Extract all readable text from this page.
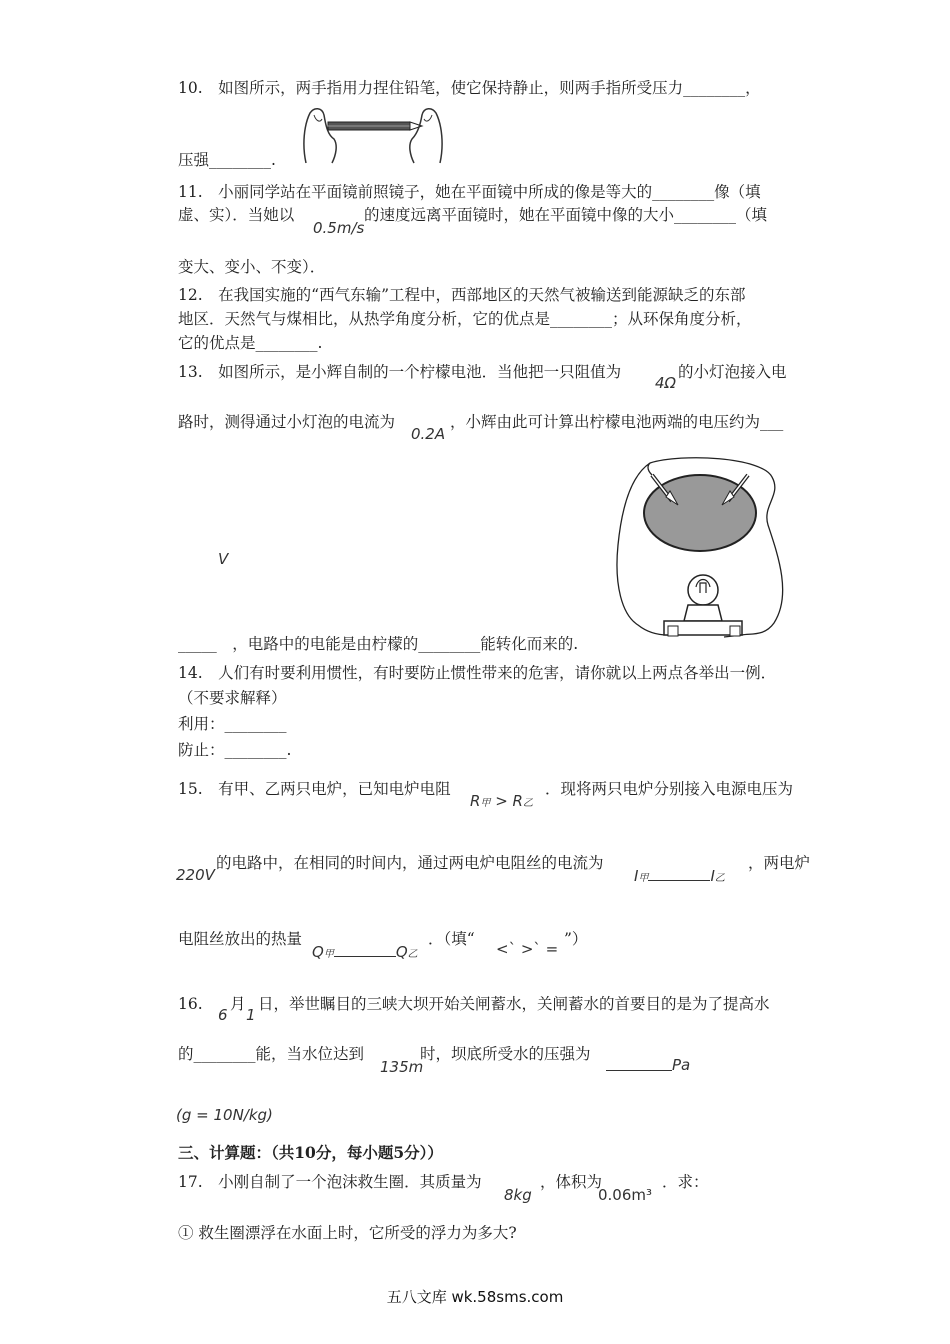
10.　如图所示，两手指用力捏住铅笔，使它保持静止，则两手指所受压力________，
压强________.
11.　小丽同学站在平面镜前照镜子，她在平面镜中所成的像是等大的________像（填
虚、实）．当她以
0.5m/s
的速度远离平面镜时，她在平面镜中像的大小________（填
变大、变小、不变）．
12.　在我国实施的“西气东输”工程中，西部地区的天然气被输送到能源缺乏的东部
地区．天然气与煤相比，从热学角度分析，它的优点是________；从环保角度分析，
它的优点是________.
13.　如图所示，是小辉自制的一个柠檬电池．当他把一只阻值为
4Ω
的小灯泡接入电
路时，测得通过小灯泡的电流为
0.2A
，小辉由此可计算出柠檬电池两端的电压约为___
V
_____　，电路中的电能是由柠檬的________能转化而来的.
14.　人们有时要利用惯性，有时要防止惯性带来的危害，请你就以上两点各举出一例．
（不要求解释）
利用：________
防止：________.
15.　有甲、乙两只电炉，已知电炉电阻
R甲 > R乙
．现将两只电炉分别接入电源电压为
220V
的电路中，在相同的时间内，通过两电炉电阻丝的电流为
I甲	I乙
，两电炉
电阻丝放出的热量
Q甲	Q乙
．（填“
<` >` =
”）
16.　
6
月
1
日，举世瞩目的三峡大坝开始关闸蓄水，关闸蓄水的首要目的是为了提高水
的________能，当水位达到
135m
时，坝底所受水的压强为
Pa
(g = 10N/kg)
三、计算题：（共10分，每小题5分））
17.　小刚自制了一个泡沫救生圈．其质量为
8kg
，体积为
0.06m³
．求：
① 救生圈漂浮在水面上时，它所受的浮力为多大?
五八文库 wk.58sms.com
